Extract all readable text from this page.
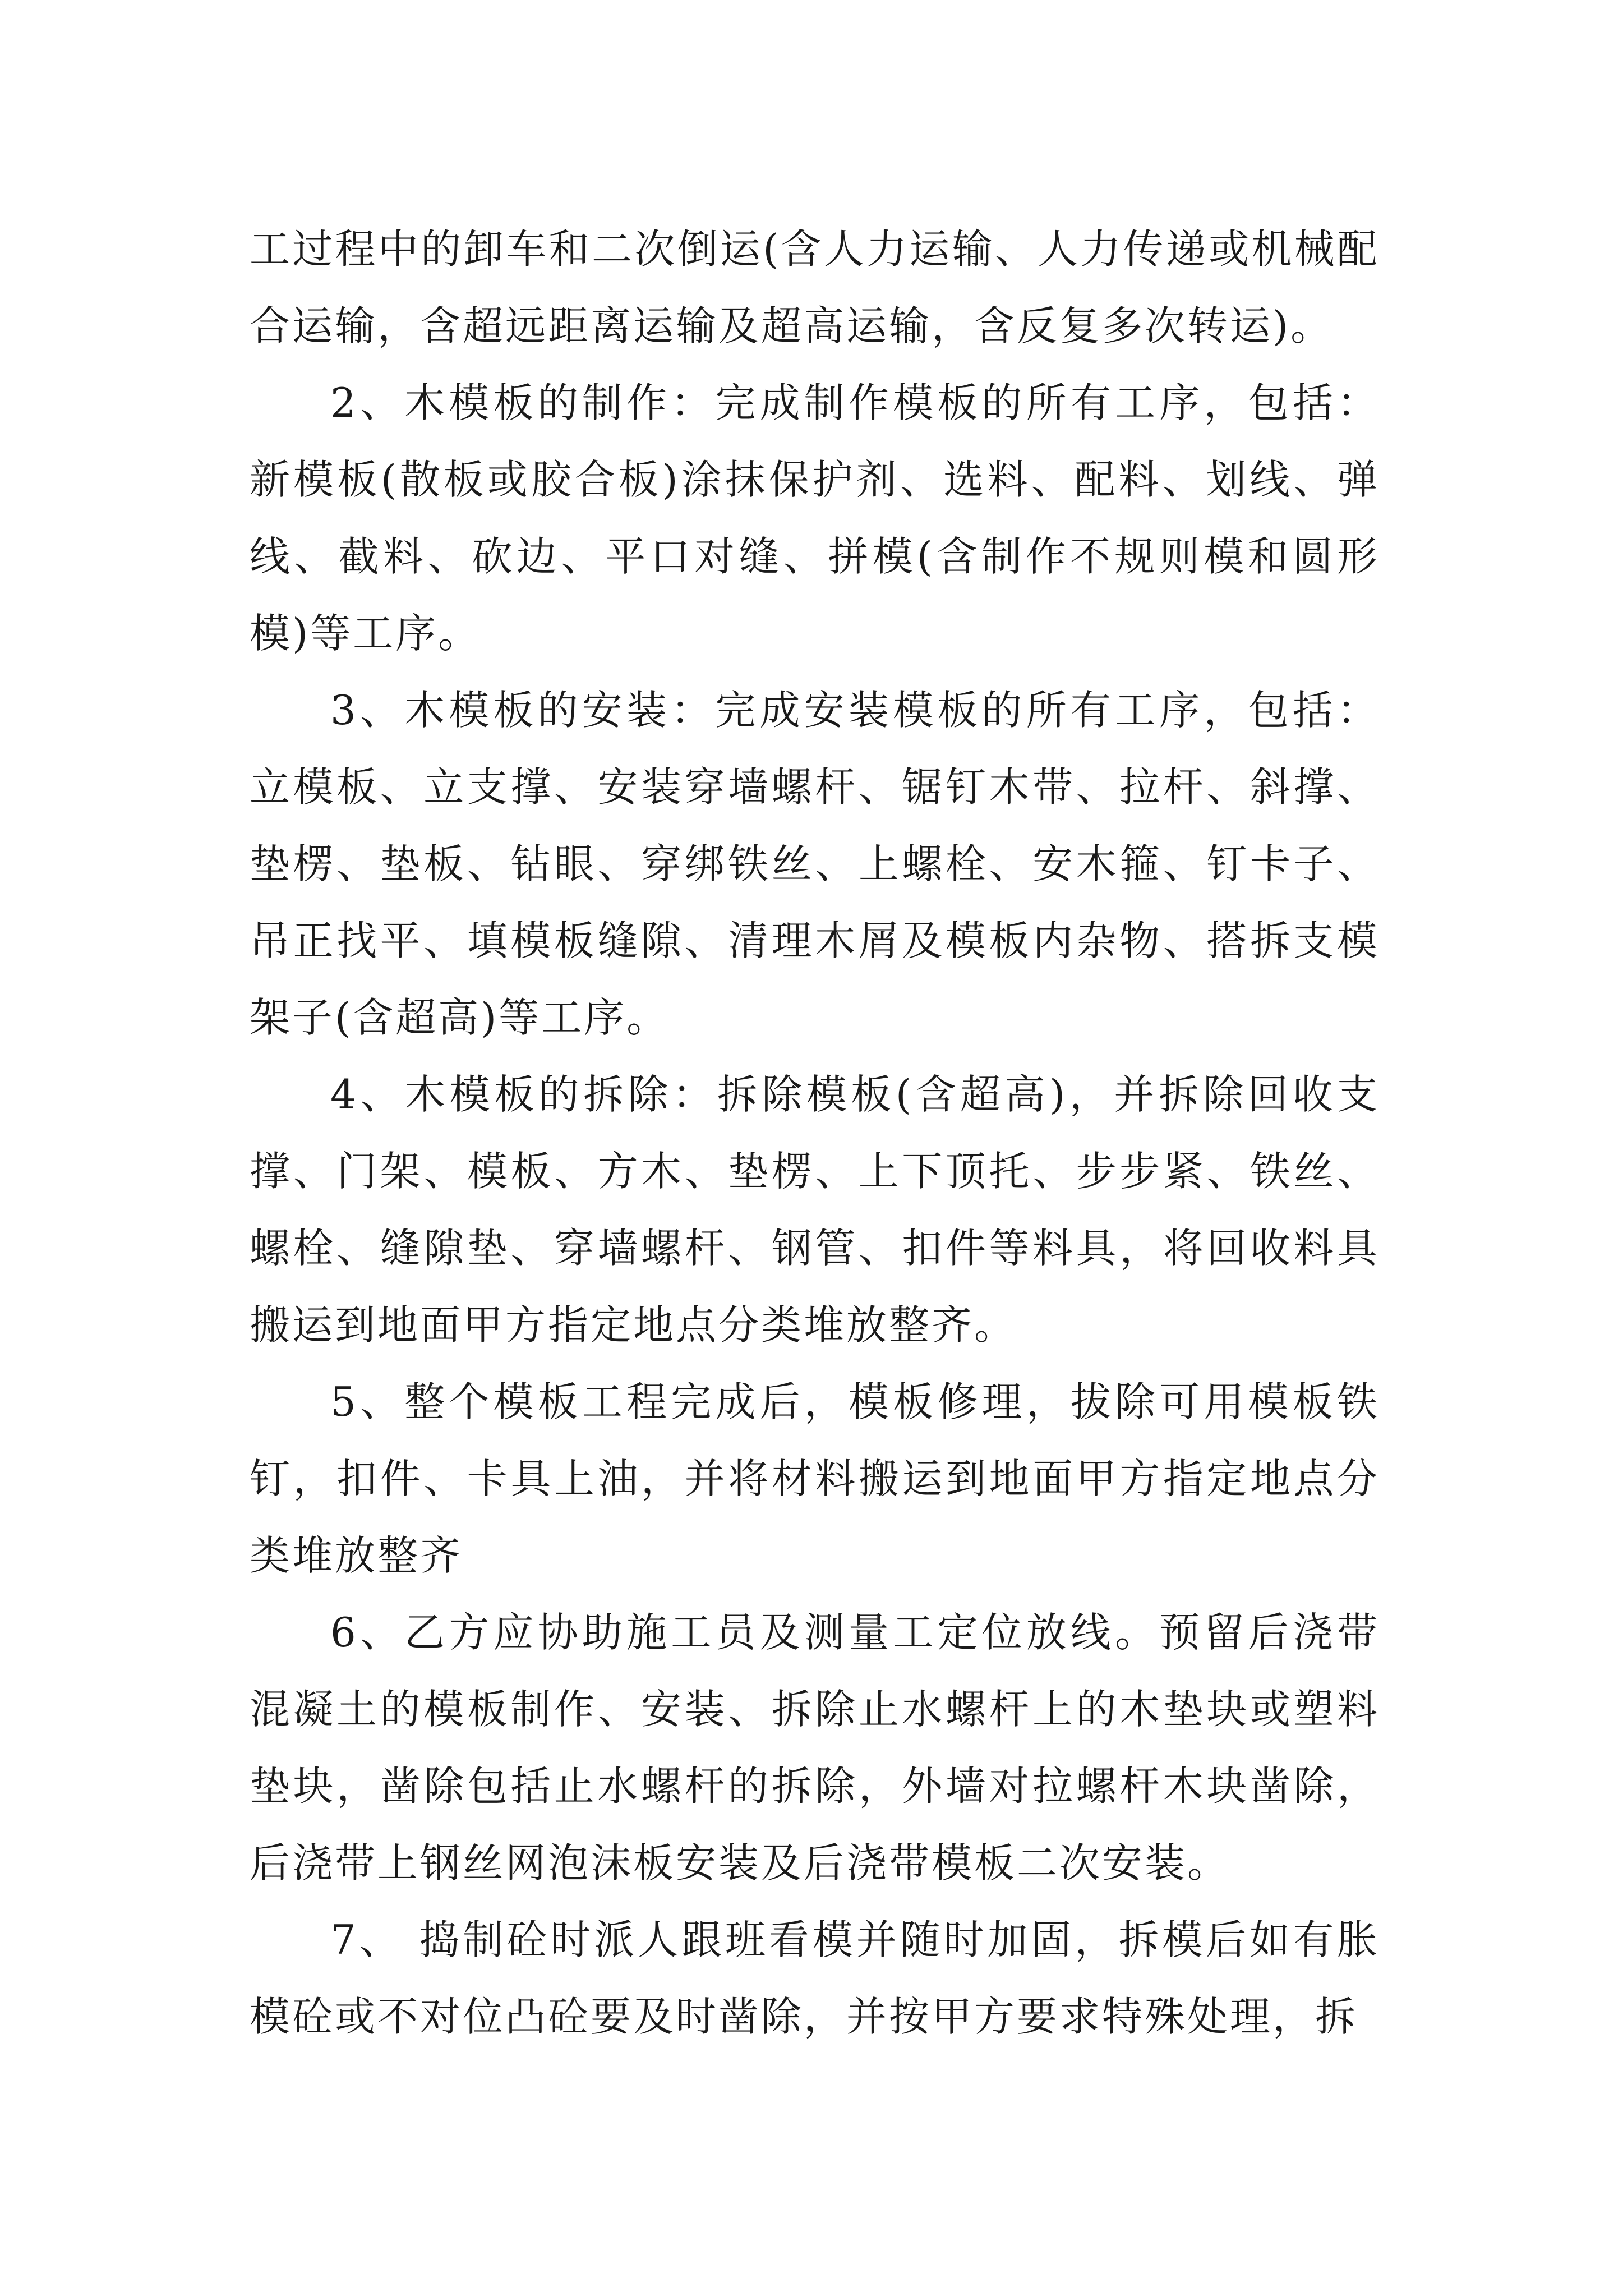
工过程中的卸车和二次倒运(含人力运输、人力传递或机械配合运输，含超远距离运输及超高运输，含反复多次转运)。

2、木模板的制作：完成制作模板的所有工序，包括：新模板(散板或胶合板)涂抹保护剂、选料、配料、划线、弹线、截料、砍边、平口对缝、拼模(含制作不规则模和圆形模)等工序。

3、木模板的安装：完成安装模板的所有工序，包括：立模板、立支撑、安装穿墙螺杆、锯钉木带、拉杆、斜撑、垫楞、垫板、钻眼、穿绑铁丝、上螺栓、安木箍、钉卡子、吊正找平、填模板缝隙、清理木屑及模板内杂物、搭拆支模架子(含超高)等工序。

4、木模板的拆除：拆除模板(含超高)，并拆除回收支撑、门架、模板、方木、垫楞、上下顶托、步步紧、铁丝、螺栓、缝隙垫、穿墙螺杆、钢管、扣件等料具，将回收料具搬运到地面甲方指定地点分类堆放整齐。

5、整个模板工程完成后，模板修理，拔除可用模板铁钉，扣件、卡具上油，并将材料搬运到地面甲方指定地点分类堆放整齐

6、乙方应协助施工员及测量工定位放线。预留后浇带混凝土的模板制作、安装、拆除止水螺杆上的木垫块或塑料垫块，凿除包括止水螺杆的拆除，外墙对拉螺杆木块凿除，后浇带上钢丝网泡沫板安装及后浇带模板二次安装。

7、 捣制砼时派人跟班看模并随时加固，拆模后如有胀模砼或不对位凸砼要及时凿除，并按甲方要求特殊处理，拆
